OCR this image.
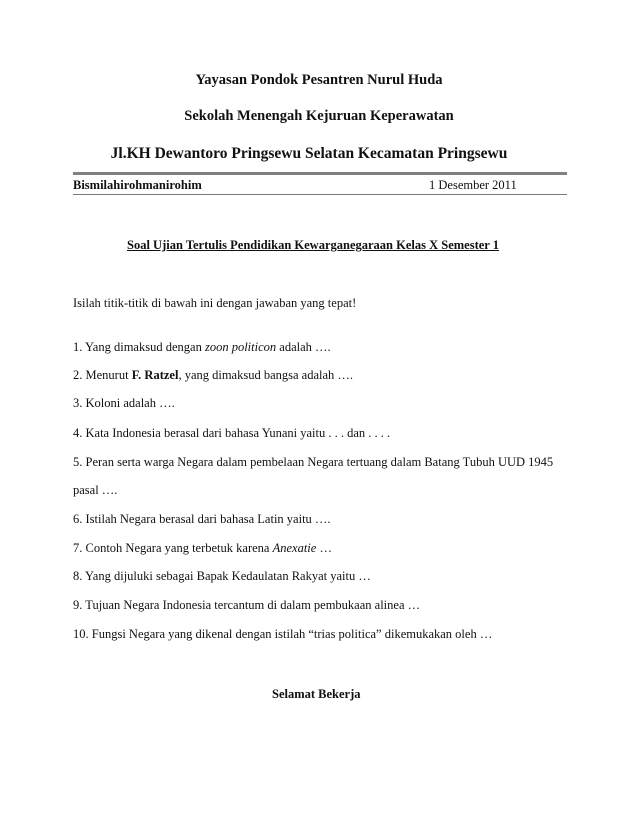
Yayasan Pondok Pesantren Nurul Huda
Sekolah Menengah Kejuruan Keperawatan
Jl.KH Dewantoro Pringsewu Selatan Kecamatan Pringsewu
Bismilahirohmanirohim	1 Desember 2011
Soal Ujian Tertulis Pendidikan Kewarganegaraan Kelas X Semester 1
Isilah titik-titik di bawah ini dengan jawaban yang tepat!
1. Yang dimaksud dengan zoon politicon adalah ….
2. Menurut F. Ratzel, yang dimaksud bangsa adalah ….
3. Koloni adalah ….
4. Kata Indonesia berasal dari bahasa Yunani yaitu . . . dan . . . .
5. Peran serta warga Negara dalam pembelaan Negara tertuang dalam Batang Tubuh UUD 1945
pasal ….
6. Istilah Negara berasal dari bahasa Latin yaitu ….
7. Contoh Negara yang terbetuk karena Anexatie …
8. Yang dijuluki sebagai Bapak Kedaulatan Rakyat yaitu …
9. Tujuan Negara Indonesia tercantum di dalam pembukaan alinea …
10. Fungsi Negara yang dikenal dengan istilah “trias politica” dikemukakan oleh …
Selamat Bekerja
